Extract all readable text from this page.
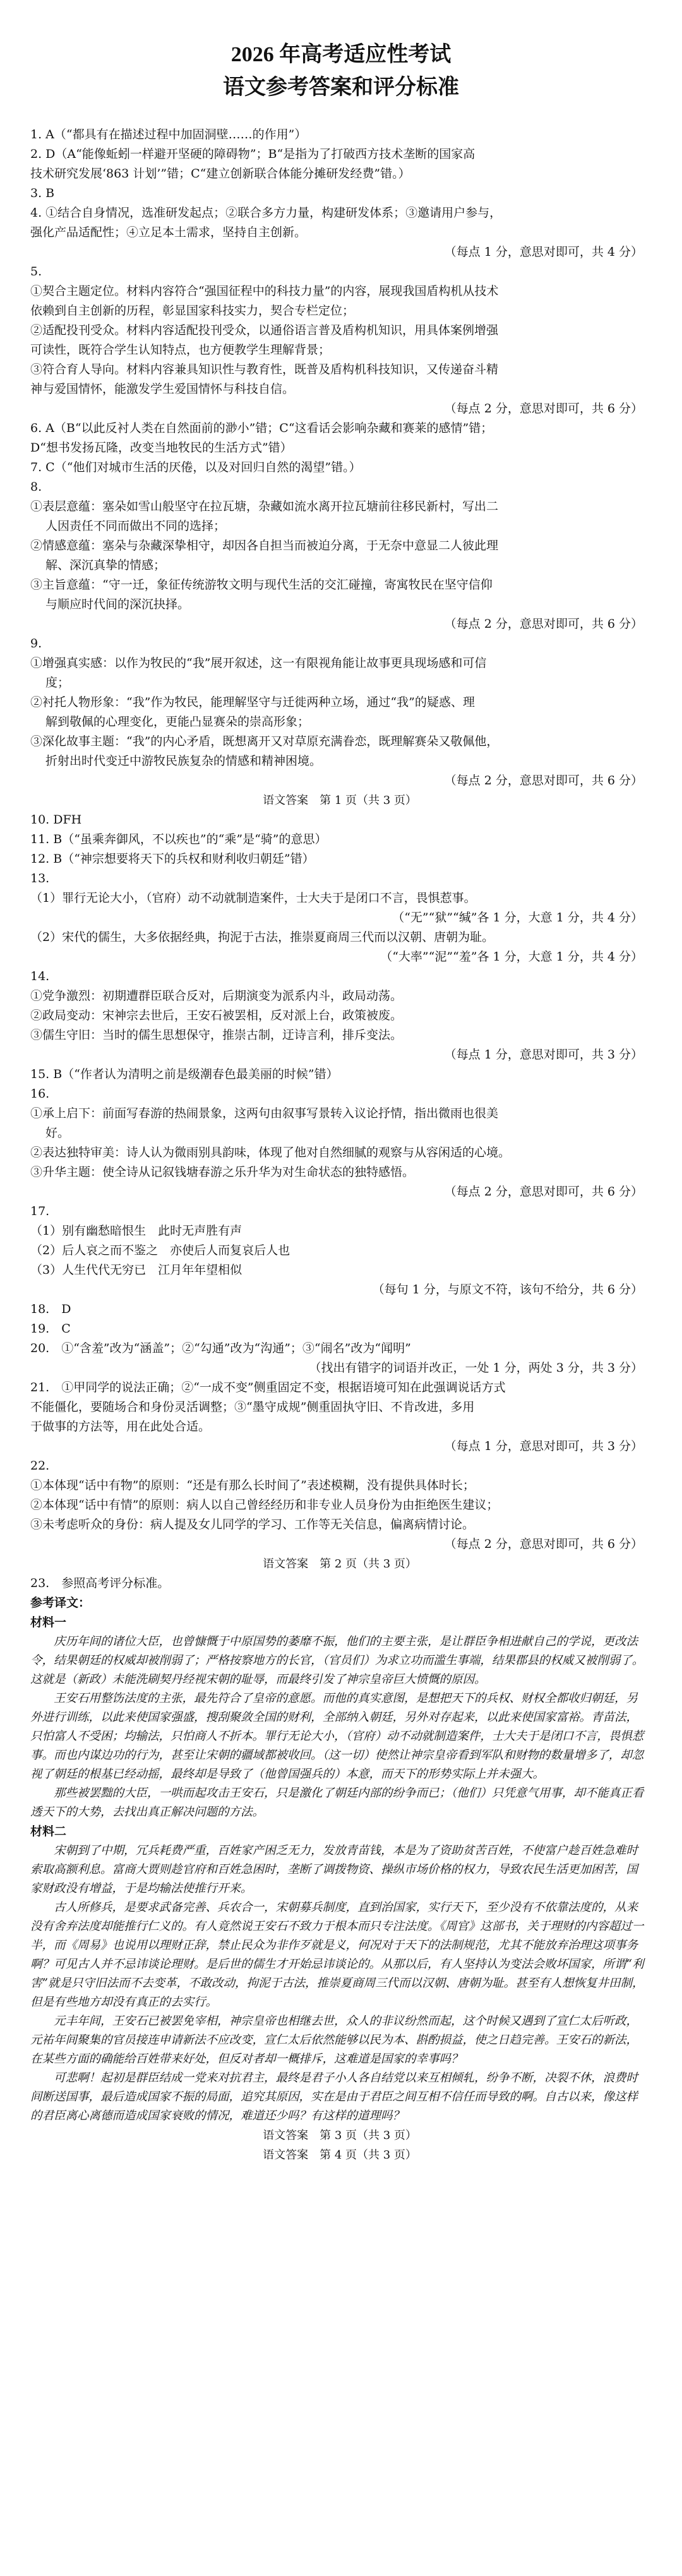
2026 年高考适应性考试
语文参考答案和评分标准
1. A（“都具有在描述过程中加固洞壁……的作用”）
2. D（A“能像蚯蚓一样避开坚硬的障碍物”；B“是指为了打破西方技术垄断的国家高
技术研究发展‘863 计划’”错；C“建立创新联合体能分摊研发经费”错。）
3. B
4. ①结合自身情况，选准研发起点；②联合多方力量，构建研发体系；③邀请用户参与，
强化产品适配性；④立足本土需求，坚持自主创新。
（每点 1 分，意思对即可，共 4 分）
5.
①契合主题定位。材料内容符合“强国征程中的科技力量”的内容，展现我国盾构机从技术
依赖到自主创新的历程，彰显国家科技实力，契合专栏定位；
②适配投刊受众。材料内容适配投刊受众，以通俗语言普及盾构机知识，用具体案例增强
可读性，既符合学生认知特点，也方便教学生理解背景；
③符合育人导向。材料内容兼具知识性与教育性，既普及盾构机科技知识，又传递奋斗精
神与爱国情怀，能激发学生爱国情怀与科技自信。
（每点 2 分，意思对即可，共 6 分）
6. A（B“以此反衬人类在自然面前的渺小”错；C“这看话会影响杂藏和赛莱的感情”错；
D“想书发扬瓦隆，改变当地牧民的生活方式”错）
7. C（“他们对城市生活的厌倦，以及对回归自然的渴望”错。）
8.
①表层意蕴：塞朵如雪山般坚守在拉瓦塘，杂藏如流水离开拉瓦塘前往移民新村，写出二
人因责任不同而做出不同的选择；
②情感意蕴：塞朵与杂藏深挚相守，却因各自担当而被迫分离，于无奈中意显二人彼此理
解、深沉真挚的情感；
③主旨意蕴：“守一迁，象征传统游牧文明与现代生活的交汇碰撞，寄寓牧民在坚守信仰
与顺应时代间的深沉抉择。
（每点 2 分，意思对即可，共 6 分）
9.
①增强真实感：以作为牧民的“我”展开叙述，这一有限视角能让故事更具现场感和可信
度；
②衬托人物形象：“我”作为牧民，能理解坚守与迁徙两种立场，通过“我”的疑惑、理
解到敬佩的心理变化，更能凸显赛朵的崇高形象；
③深化故事主题：“我”的内心矛盾，既想离开又对草原充满眷恋，既理解赛朵又敬佩他，
折射出时代变迁中游牧民族复杂的情感和精神困境。
（每点 2 分，意思对即可，共 6 分）
语文答案　第 1 页（共 3 页）
10. DFH
11. B（“虽乘奔御风，不以疾也”的“乘”是“骑”的意思）
12. B（“神宗想要将天下的兵权和财利收归朝廷”错）
13.
（1）罪行无论大小，（官府）动不动就制造案件，士大夫于是闭口不言，畏惧惹事。
（“无”“狱”“缄”各 1 分，大意 1 分，共 4 分）
（2）宋代的儒生，大多依据经典，拘泥于古法，推崇夏商周三代而以汉朝、唐朝为耻。
（“大率”“泥”“羞”各 1 分，大意 1 分，共 4 分）
14.
①党争激烈：初期遭群臣联合反对，后期演变为派系内斗，政局动荡。
②政局变动：宋神宗去世后，王安石被罢相，反对派上台，政策被废。
③儒生守旧：当时的儒生思想保守，推崇古制，迂诗言利，排斥变法。
（每点 1 分，意思对即可，共 3 分）
15. B（“作者认为清明之前是级潮春色最美丽的时候”错）
16.
①承上启下：前面写春游的热闹景象，这两句由叙事写景转入议论抒情，指出微雨也很美
好。
②表达独特审美：诗人认为微雨别具韵味，体现了他对自然细腻的观察与从容闲适的心境。
③升华主题：使全诗从记叙钱塘春游之乐升华为对生命状态的独特感悟。
（每点 2 分，意思对即可，共 6 分）
17.
（1）别有幽愁暗恨生　此时无声胜有声
（2）后人哀之而不鉴之　亦使后人而复哀后人也
（3）人生代代无穷已　江月年年望相似
（每句 1 分，与原文不符，该句不给分，共 6 分）
18.　D
19.　C
20.　①“含羞”改为“涵盖”；②“勾通”改为“沟通”；③“闹名”改为“闻明”
（找出有错字的词语并改正，一处 1 分，两处 3 分，共 3 分）
21.　①甲同学的说法正确；②“一成不变”侧重固定不变，根据语境可知在此强调说话方式
不能僵化，要随场合和身份灵活调整；③“墨守成规”侧重固执守旧、不肯改进，多用
于做事的方法等，用在此处合适。
（每点 1 分，意思对即可，共 3 分）
22.
①本体现“话中有物”的原则：“还是有那么长时间了”表述模糊，没有提供具体时长；
②本体现“话中有情”的原则：病人以自己曾经经历和非专业人员身份为由拒绝医生建议；
③未考虑听众的身份：病人提及女儿同学的学习、工作等无关信息，偏离病情讨论。
（每点 2 分，意思对即可，共 6 分）
语文答案　第 2 页（共 3 页）
23.　参照高考评分标准。
参考译文：
材料一
庆历年间的诸位大臣，也曾慷慨于中原国势的萎靡不振，他们的主要主张，是让群臣争相进献自己的学说，更改法令，结果朝廷的权威却被削弱了；严格按察地方的长官，（官员们）为求立功而滥生事端，结果郡县的权威又被削弱了。这就是（新政）未能洗刷契丹经视宋朝的耻辱，而最终引发了神宗皇帝巨大愤慨的原因。
王安石用整饬法度的主张，最先符合了皇帝的意愿。而他的真实意图，是想把天下的兵权、财权全都收归朝廷，另外进行训练，以此来使国家强盛，搜刮聚敛全国的财利，全部纳入朝廷，另外对存起来，以此来使国家富裕。青苗法，只怕富人不受困；均输法，只怕商人不折本。罪行无论大小，（官府）动不动就制造案件，士大夫于是闭口不言，畏惧惹事。而也内谋边功的行为，甚至让宋朝的疆域都被收回。（这一切）使然让神宗皇帝看到军队和财物的数量增多了，却忽视了朝廷的根基已经动摇，最终却是导致了（他曾国强兵的）本意，而天下的形势实际上并未强大。
那些被罢黜的大臣，一哄而起攻击王安石，只是激化了朝廷内部的纷争而已；（他们）只凭意气用事，却不能真正看透天下的大势，去找出真正解决问题的方法。
材料二
宋朝到了中期，冗兵耗费严重，百姓家产困乏无力，发放青苗钱，本是为了资助贫苦百姓，不使富户趁百姓急难时索取高额利息。富商大贾则趁官府和百姓急困时，垄断了调拨物资、操纵市场价格的权力，导致农民生活更加困苦，国家财政没有增益，于是均输法使推行开来。
古人所修兵，是要求武备完善、兵农合一，宋朝募兵制度，直到治国家，实行天下，至少没有不依靠法度的，从来没有舍弃法度却能推行仁义的。有人竟然说王安石不致力于根本而只专注法度。《周官》这部书，关于理财的内容超过一半，而《周易》也说用以理财正辞，禁止民众为非作歹就是义，何况对于天下的法制规范，尤其不能放弃治理这项事务啊？可见古人并不忌讳谈论理财。是后世的儒生才开始忌讳谈论的。从那以后，有人坚持认为变法会败坏国家，所谓“利害”就是只守旧法而不去变革，不敢改动，拘泥于古法，推崇夏商周三代而以汉朝、唐朝为耻。甚至有人想恢复井田制，但是有些地方却没有真正的去实行。
元丰年间，王安石已被罢免宰相，神宗皇帝也相继去世，众人的非议纷然而起，这个时候又遇到了宣仁太后听政，元祐年间聚集的官员接连申请新法不应改变，宣仁太后依然能够以民为本、斟酌损益，使之日趋完善。王安石的新法，在某些方面的确能给百姓带来好处，但反对者却一概排斥，这难道是国家的幸事吗？
可悲啊！起初是群臣结成一党来对抗君主，最终是君子小人各自结党以来互相倾轧，纷争不断，决裂不休，浪费时间断送国事，最后造成国家不振的局面，追究其原因，实在是由于君臣之间互相不信任而导致的啊。自古以来，像这样的君臣离心离德而造成国家衰败的情况，难道还少吗？有这样的道理吗？
语文答案　第 3 页（共 3 页）
语文答案　第 4 页（共 3 页）
